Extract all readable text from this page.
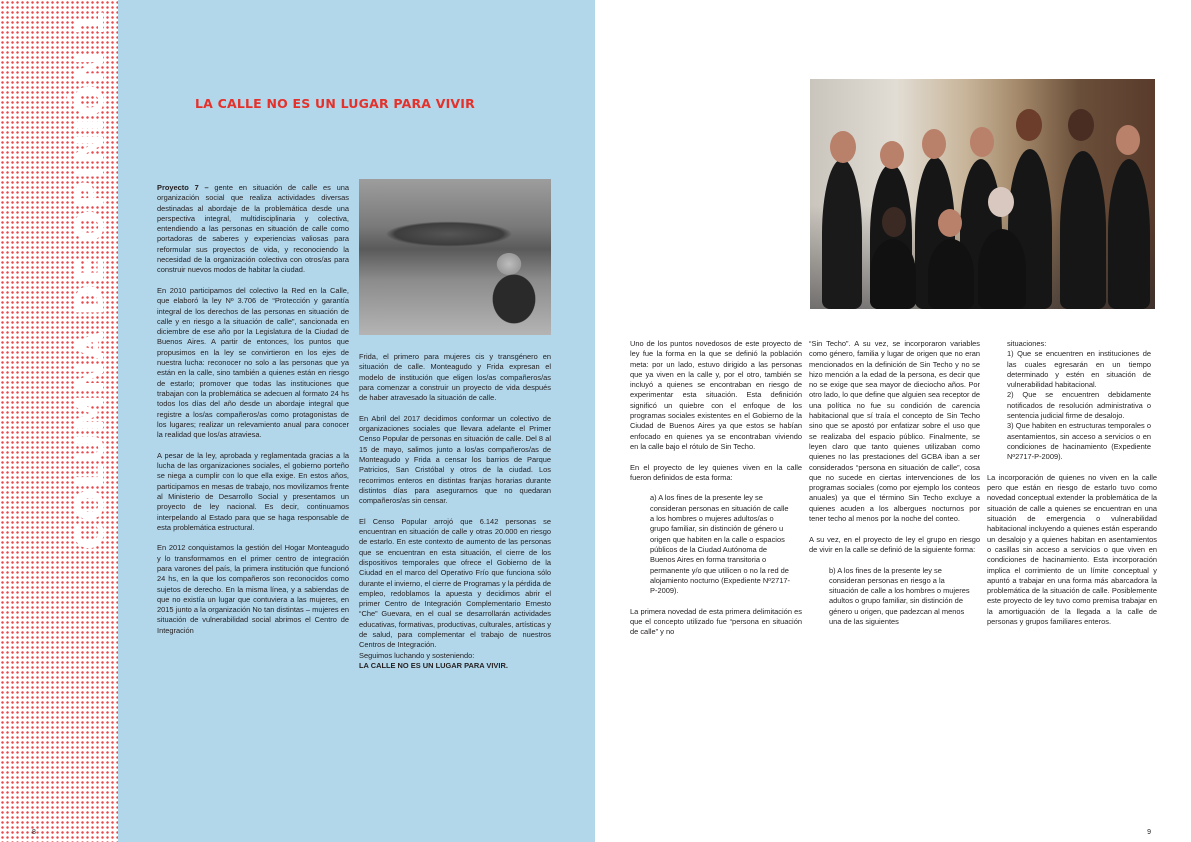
COLUMNA DE OPINIÓN 1	LA CALLE NO ES UN LUGAR PARA VIVIR

Proyecto 7 – gente en situación de calle es una organización social que realiza actividades diversas destinadas al abordaje de la problemática desde una perspectiva integral, multidisciplinaria y colectiva, entendiendo a las personas en situación de calle como portadoras de saberes y experiencias valiosas para reformular sus proyectos de vida, y reconociendo la necesidad de la organización colectiva con otros/as para construir nuevos modos de habitar la ciudad.

En 2010 participamos del colectivo la Red en la Calle, que elaboró la ley Nº 3.706 de “Protección y garantía integral de los derechos de las personas en situación de calle y en riesgo a la situación de calle”, sancionada en diciembre de ese año por la Legislatura de la Ciudad de Buenos Aires. A partir de entonces, los puntos que propusimos en la ley se convirtieron en los ejes de nuestra lucha: reconocer no solo a las personas que ya están en la calle, sino también a quienes están en riesgo de estarlo; promover que todas las instituciones que trabajan con la problemática se adecuen al formato 24 hs todos los días del año desde un abordaje integral que registre a los/as compañeros/as como protagonistas de los lugares; realizar un relevamiento anual para conocer la realidad que los/as atraviesa.

A pesar de la ley, aprobada y reglamentada gracias a la lucha de las organizaciones sociales, el gobierno porteño se niega a cumplir con lo que ella exige. En estos años, participamos en mesas de trabajo, nos movilizamos frente al Ministerio de Desarrollo Social y presentamos un proyecto de ley nacional. Es decir, continuamos interpelando al Estado para que se haga responsable de esta problemática estructural.

En 2012 conquistamos la gestión del Hogar Monteagudo y lo transformamos en el primer centro de integración para varones del país, la primera institución que funcionó 24 hs, en la que los compañeros son reconocidos como sujetos de derecho. En la misma línea, y a sabiendas de que no existía un lugar que contuviera a las mujeres, en 2015 junto a la organización No tan distintas – mujeres en situación de vulnerabilidad social abrimos el Centro de Integración

Frida, el primero para mujeres cis y transgénero en situación de calle. Monteagudo y Frida expresan el modelo de institución que eligen los/as compañeros/as para comenzar a construir un proyecto de vida después de haber atravesado la situación de calle.

En Abril del 2017 decidimos conformar un colectivo de organizaciones sociales que llevara adelante el Primer Censo Popular de personas en situación de calle. Del 8 al 15 de mayo, salimos junto a los/as compañeros/as de Monteagudo y Frida a censar los barrios de Parque Patricios, San Cristóbal y otros de la ciudad. Los recorrimos enteros en distintas franjas horarias durante distintos días para asegurarnos que no quedaran compañeros/as sin censar.

El Censo Popular arrojó que 6.142 personas se encuentran en situación de calle y otras 20.000 en riesgo de estarlo. En este contexto de aumento de las personas que se encuentran en esta situación, el cierre de los dispositivos temporales que ofrece el Gobierno de la Ciudad en el marco del Operativo Frío que funciona sólo durante el invierno, el cierre de Programas y la pérdida de empleo, redoblamos la apuesta y decidimos abrir el primer Centro de Integración Complementario Ernesto “Che” Guevara, en el cual se desarrollarán actividades educativas, formativas, productivas, culturales, artísticas y de salud, para complementar el trabajo de nuestros Centros de Integración.

Seguimos luchando y sosteniendo:

LA CALLE NO ES UN LUGAR PARA VIVIR.

8

Uno de los puntos novedosos de este proyecto de ley fue la forma en la que se definió la población meta: por un lado, estuvo dirigido a las personas que ya viven en la calle y, por el otro, también se incluyó a quienes se encontraban en riesgo de experimentar esta situación. Esta definición significó un quiebre con el enfoque de los programas sociales existentes en el Gobierno de la Ciudad de Buenos Aires ya que estos se habían enfocado en quienes ya se encontraban viviendo en la calle bajo el rótulo de Sin Techo.

En el proyecto de ley quienes viven en la calle fueron definidos de esta forma:

a) A los fines de la presente ley se consideran personas en situación de calle a los hombres o mujeres adultos/as o grupo familiar, sin distinción de género u origen que habiten en la calle o espacios públicos de la Ciudad Autónoma de Buenos Aires en forma transitoria o permanente y/o que utilicen o no la red de alojamiento nocturno (Expediente Nº2717-P-2009).

La primera novedad de esta primera delimitación es que el concepto utilizado fue “persona en situación de calle” y no

“Sin Techo”. A su vez, se incorporaron variables como género, familia y lugar de origen que no eran mencionados en la definición de Sin Techo y no se hizo mención a la edad de la persona, es decir que no se exige que sea mayor de dieciocho años. Por otro lado, lo que define que alguien sea receptor de una política no fue su condición de carencia habitacional que sí traía el concepto de Sin Techo sino que se apostó por enfatizar sobre el uso que se realizaba del espacio público. Finalmente, se leyen claro que tanto quienes utilizaban como quienes no las prestaciones del GCBA iban a ser considerados “persona en situación de calle”, cosa que no sucede en ciertas intervenciones de los programas sociales (como por ejemplo los conteos anuales) ya que el término Sin Techo excluye a quienes acuden a los albergues nocturnos por tener techo al menos por la noche del conteo.

A su vez, en el proyecto de ley el grupo en riesgo de vivir en la calle se definió de la siguiente forma:

b) A los fines de la presente ley se consideran personas en riesgo a la situación de calle a los hombres o mujeres adultos o grupo familiar, sin distinción de género u origen, que padezcan al menos una de las siguientes

situaciones:

1) Que se encuentren en instituciones de las cuales egresarán en un tiempo determinado y estén en situación de vulnerabilidad habitacional.

2) Que se encuentren debidamente notificados de resolución administrativa o sentencia judicial firme de desalojo.

3) Que habiten en estructuras temporales o asentamientos, sin acceso a servicios o en condiciones de hacinamiento (Expediente Nº2717-P-2009).

La incorporación de quienes no viven en la calle pero que están en riesgo de estarlo tuvo como novedad conceptual extender la problemática de la situación de calle a quienes se encuentran en una situación de emergencia o vulnerabilidad habitacional incluyendo a quienes están esperando un desalojo y a quienes habitan en asentamientos o casillas sin acceso a servicios o que viven en condiciones de hacinamiento. Esta incorporación implica el corrimiento de un límite conceptual y apuntó a trabajar en una forma más abarcadora la problemática de la situación de calle. Posiblemente este proyecto de ley tuvo como premisa trabajar en la amortiguación de la llegada a la calle de personas y grupos familiares enteros.

9
